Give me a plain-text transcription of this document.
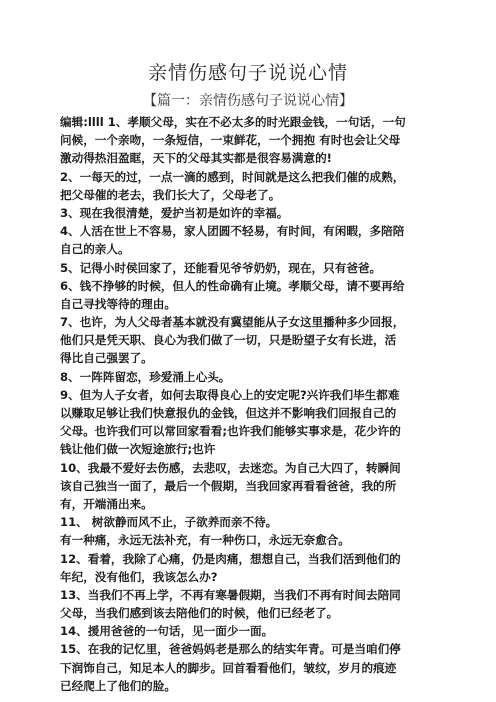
亲情伤感句子说说心情
【篇一：亲情伤感句子说说心情】
编辑:llll 1、孝顺父母，实在不必太多的时光跟金钱，一句话，一句
问候，一个亲吻，一条短信，一束鲜花，一个拥抱 有时也会让父母
激动得热泪盈眶，天下的父母其实都是很容易满意的!
2、一每天的过，一点一滴的感到，时间就是这么把我们催的成熟，
把父母催的老去，我们长大了，父母老了。
3、现在我很清楚，爱护当初是如许的幸福。
4、人活在世上不容易，家人团圆不轻易，有时间，有闲暇，多陪陪
自己的亲人。
5、记得小时侯回家了，还能看见爷爷奶奶，现在，只有爸爸。
6、钱不挣够的时候，但人的性命确有止境。孝顺父母，请不要再给
自己寻找等待的理由。
7、也许，为人父母者基本就没有冀望能从子女这里播种多少回报，
他们只是凭天职、良心为我们做了一切，只是盼望子女有长进，活
得比自己强罢了。
8、一阵阵留恋，珍爱涌上心头。
9、但为人子女者，如何去取得良心上的安定呢?兴许我们毕生都难
以赚取足够让我们快意报仇的金钱，但这并不影响我们回报自己的
父母。也许我们可以常回家看看;也许我们能够实事求是，花少许的
钱让他们做一次短途旅行;也许
10、我最不爱好去伤感，去悲叹，去迷恋。为自己大四了，转瞬间
该自己独当一面了，最后一个假期，当我回家再看看爸爸，我的所
有，开端涌出来。
11、 树欲静而风不止，子欲养而亲不待。
有一种痛，永远无法补充，有一种伤口，永远无奈愈合。
12、看着，我除了心痛，仍是肉痛，想想自己，当我们活到他们的
年纪，没有他们，我该怎么办?
13、当我们不再上学，不再有寒暑假期，当我们不再有时间去陪同
父母，当我们感到该去陪他们的时候，他们已经老了。
14、援用爸爸的一句话，见一面少一面。
15、在我的记忆里，爸爸妈妈老是那么的结实年青。可是当咱们停
下润饰自己，知足本人的脚步。回首看看他们，皱纹，岁月的痕迹
已经爬上了他们的脸。
